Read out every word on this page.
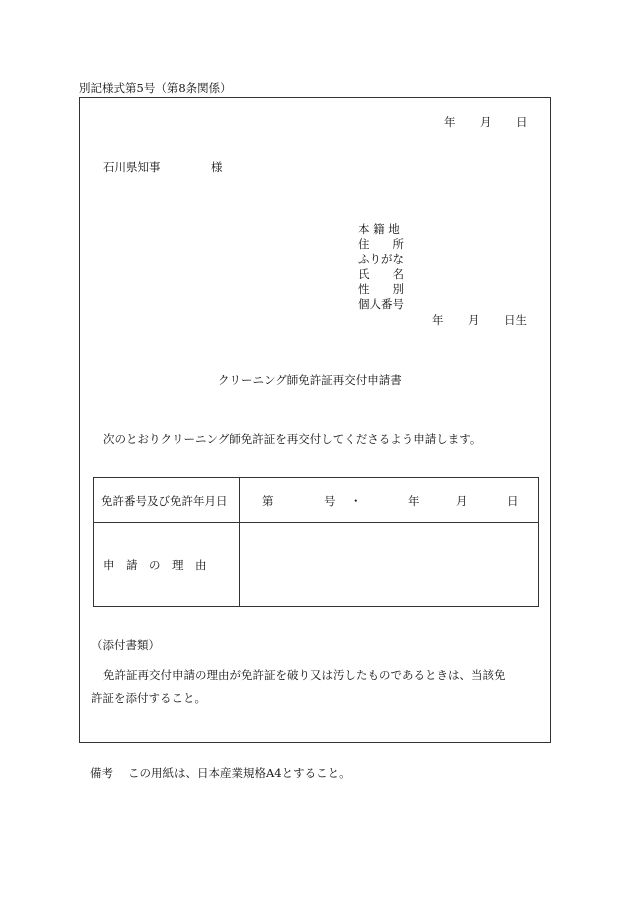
別記様式第5号（第8条関係）
年 月 日
石川県知事	様
本 籍 地
住　　所
ふりがな
氏　　名
性　　別
個人番号
年 月 日生
クリーニング師免許証再交付申請書
次のとおりクリーニング師免許証を再交付してくださるよう申請します。
免許番号及び免許年月日	第	号 ・	年	月	日
申　請　の　理　由
（添付書類）
免許証再交付申請の理由が免許証を破り又は汚したものであるときは、当該免
許証を添付すること。
備考 この用紙は、日本産業規格A4とすること。
